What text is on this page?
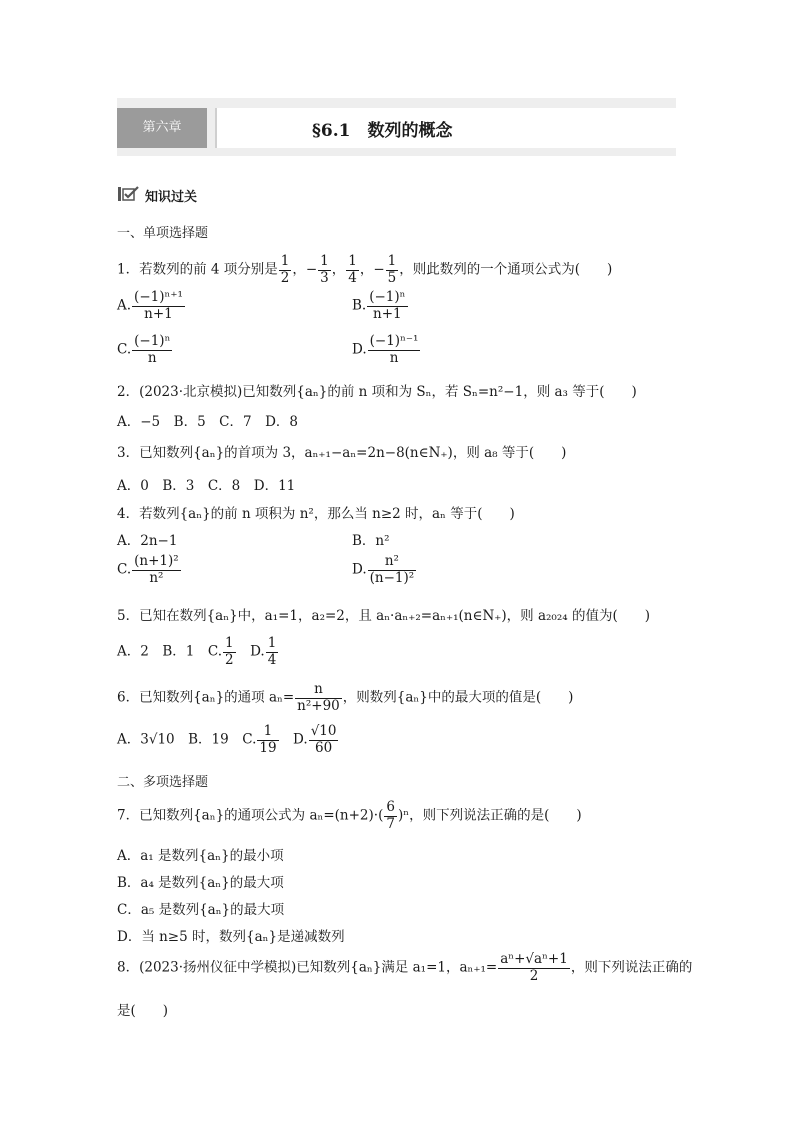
第六章	§6.1　数列的概念
知识过关
一、单项选择题
1．若数列的前 4 项分别是 $\frac{1}{2}$ ，− $\frac{1}{3}$ ， $\frac{1}{4}$ ，− $\frac{1}{5}$ ，则此数列的一个通项公式为(　　)
A. $\frac{\text{(−1)ⁿ⁺¹}}{n+1}$	B. $\frac{\text{(−1)ⁿ}}{n+1}$
C. $\frac{\text{(−1)ⁿ}}{n}$	D. $\frac{\text{(−1)ⁿ⁻¹}}{n}$
2．(2023·北京模拟)已知数列{aₙ}的前 n 项和为 Sₙ，若 Sₙ=n²−1，则 a₃ 等于(　　)
A．−5　B．5　C．7　D．8
3．已知数列{aₙ}的首项为 3，aₙ₊₁−aₙ=2n−8(n∈N₊)，则 a₈ 等于(　　)
A．0　B．3　C．8　D．11
4．若数列{aₙ}的前 n 项积为 n²，那么当 n≥2 时，aₙ 等于(　　)
A．2n−1	B．n²
C. $\frac{\text{(n+1)²}}{\text{n²}}$	D. $\frac{\text{n²}}{\text{(n−1)²}}$
5．已知在数列{aₙ}中，a₁=1，a₂=2，且 aₙ·aₙ₊₂=aₙ₊₁(n∈N₊)，则 a₂₀₂₄ 的值为(　　)
A．2　B．1　C. $\frac{1}{2}$
　 D. $\frac{1}{4}$
6．已知数列{aₙ}的通项 $a_n= \frac{n}{\text{n²+90}}$ ，则数列{aₙ}中的最大项的值是(　　)
A．3√10　B．19　C. $\frac{1}{19}$
　 D. $\frac{√10}{60}$
二、多项选择题
7．已知数列{aₙ}的通项公式为 $a_n=(n+2)\cdot( \frac{6}{7} )^n$，则下列说法正确的是(　　)
A．a₁ 是数列{aₙ}的最小项
B．a₄ 是数列{aₙ}的最大项
C．a₅ 是数列{aₙ}的最大项
D．当 n≥5 时，数列{aₙ}是递减数列
8．(2023·扬州仪征中学模拟)已知数列{aₙ}满足 a₁=1，$a_{n+1}= \frac{\text{aⁿ+√aⁿ+1}}{2}$ ，则下列说法正确的
是(　　)
